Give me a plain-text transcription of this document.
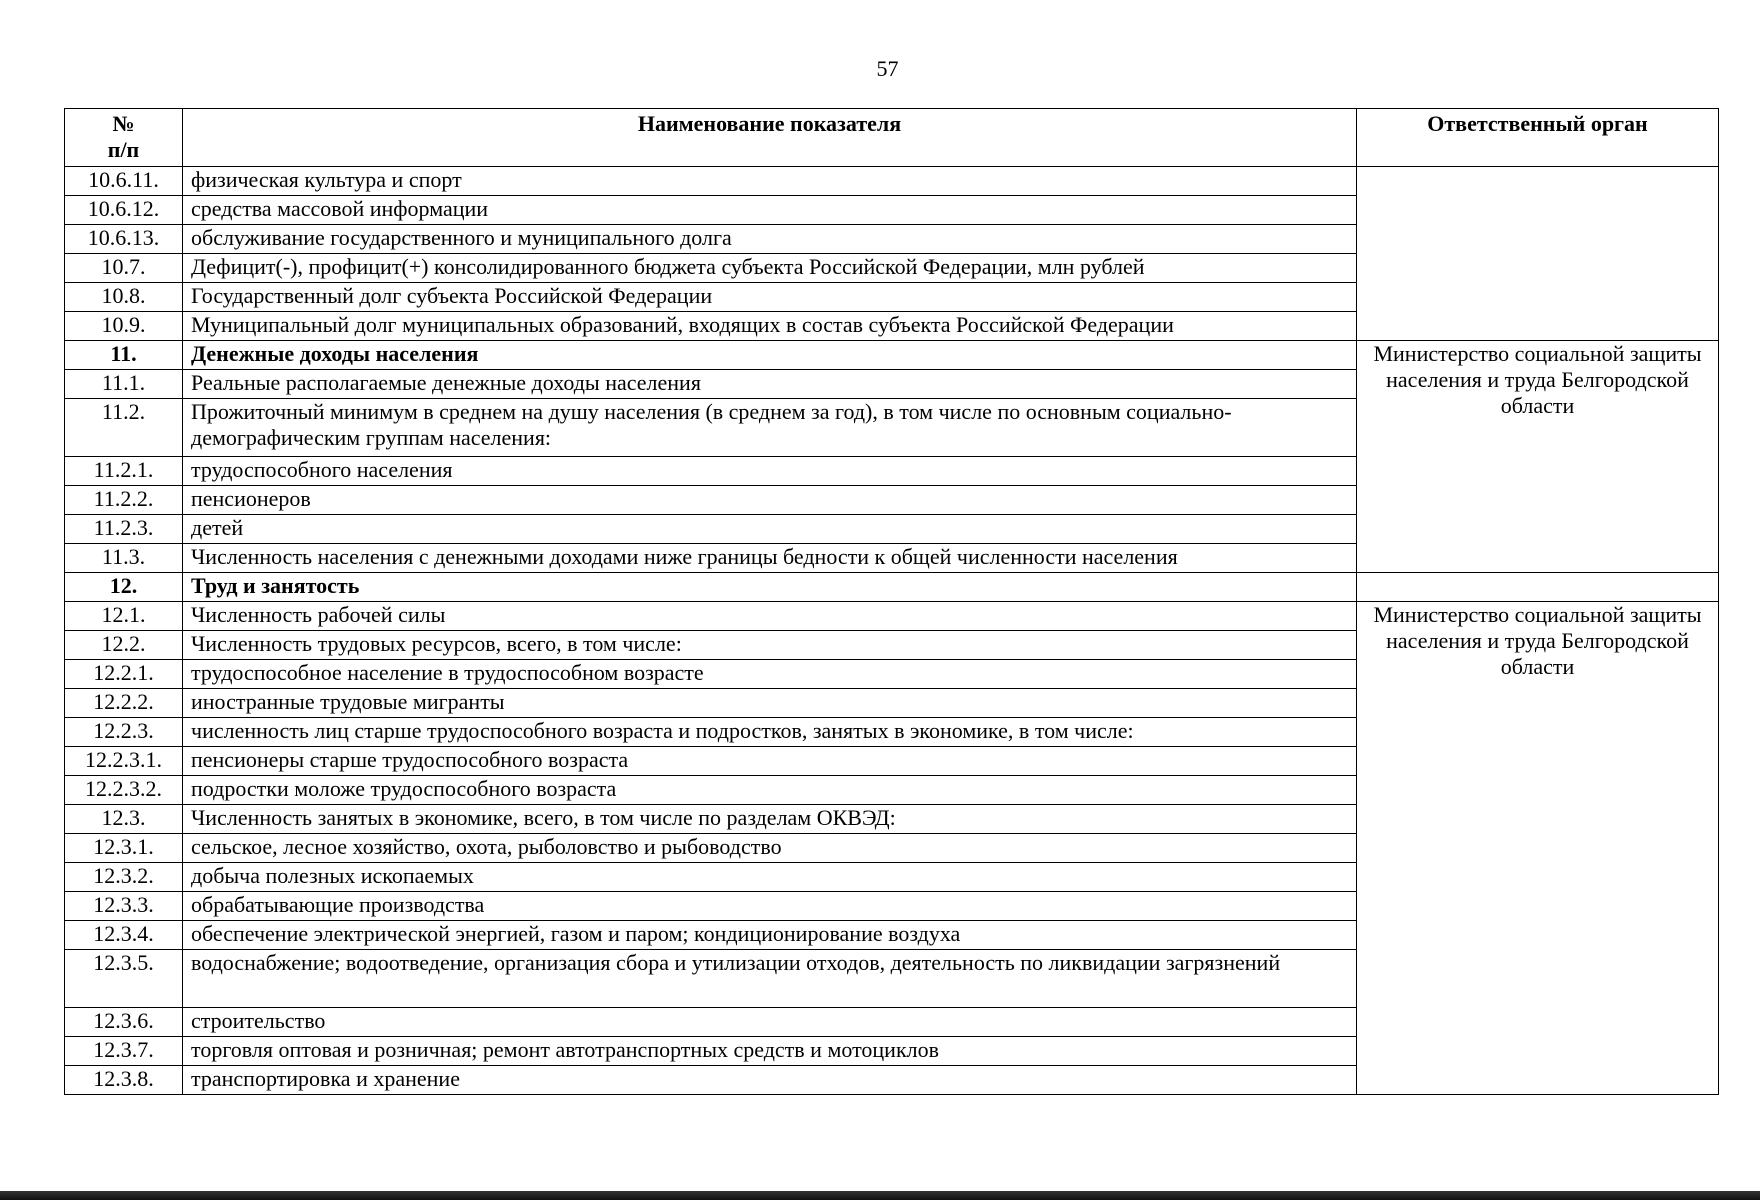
57
№
п/п	Наименование показателя	Ответственный орган
10.6.11.	физическая культура и спорт	
10.6.12.	средства массовой информации	
10.6.13.	обслуживание государственного и муниципального долга	
10.7.	Дефицит(-), профицит(+) консолидированного бюджета субъекта Российской Федерации, млн рублей	
10.8.	Государственный долг субъекта Российской Федерации	
10.9.	Муниципальный долг муниципальных образований, входящих в состав субъекта Российской Федерации	
11.	Денежные доходы населения	Министерство социальной защиты населения и труда Белгородской области
11.1.	Реальные располагаемые денежные доходы населения	
11.2.	Прожиточный минимум в среднем на душу населения (в среднем за год), в том числе по основным социально-демографическим группам населения:	
11.2.1.	трудоспособного населения	
11.2.2.	пенсионеров	
11.2.3.	детей	
11.3.	Численность населения с денежными доходами ниже границы бедности к общей численности населения	
12.	Труд и занятость	
12.1.	Численность рабочей силы	Министерство социальной защиты населения и труда Белгородской области
12.2.	Численность трудовых ресурсов, всего, в том числе:	
12.2.1.	трудоспособное население в трудоспособном возрасте	
12.2.2.	иностранные трудовые мигранты	
12.2.3.	численность лиц старше трудоспособного возраста и подростков, занятых в экономике, в том числе:	
12.2.3.1.	пенсионеры старше трудоспособного возраста	
12.2.3.2.	подростки моложе трудоспособного возраста	
12.3.	Численность занятых в экономике, всего, в том числе по разделам ОКВЭД:	
12.3.1.	сельское, лесное хозяйство, охота, рыболовство и рыбоводство	
12.3.2.	добыча полезных ископаемых	
12.3.3.	обрабатывающие производства	
12.3.4.	обеспечение электрической энергией, газом и паром; кондиционирование воздуха	
12.3.5.	водоснабжение; водоотведение, организация сбора и утилизации отходов, деятельность по ликвидации загрязнений	
12.3.6.	строительство	
12.3.7.	торговля оптовая и розничная; ремонт автотранспортных средств и мотоциклов	
12.3.8.	транспортировка и хранение	
